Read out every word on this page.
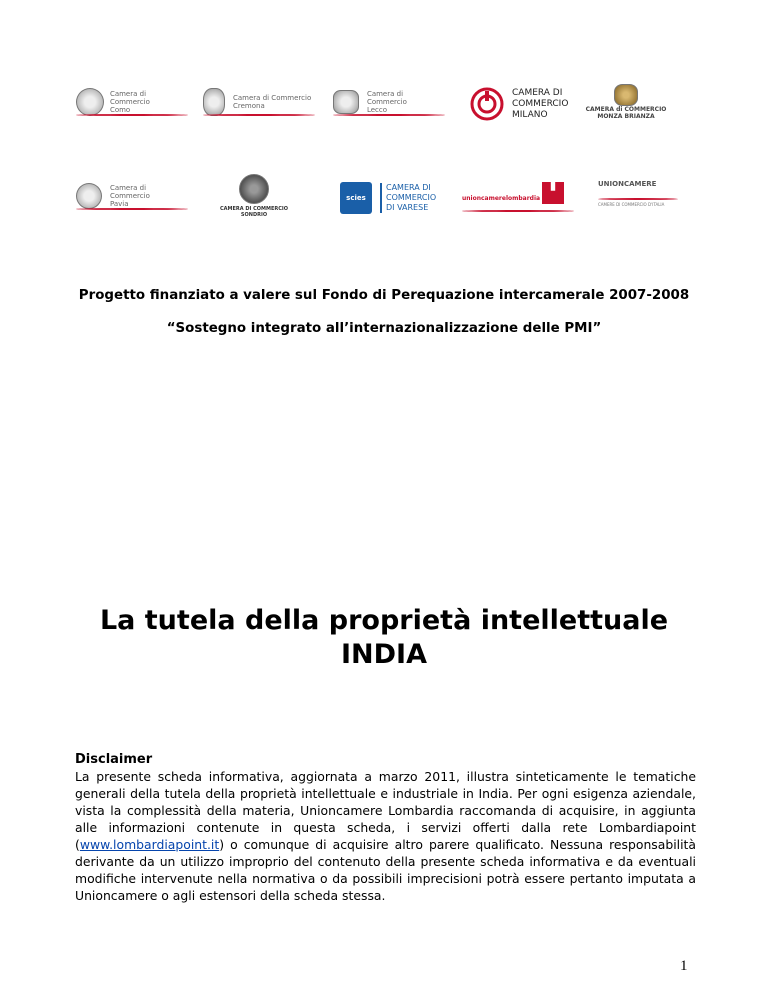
Camera di Commercio
Como
Camera di Commercio
Cremona
Camera di Commercio
Lecco
CAMERA DI
COMMERCIO
MILANO	CAMERA di COMMERCIO
MONZA BRIANZA
Camera di Commercio
Pavia
CAMERA DI COMMERCIO
SONDRIO
scies
CAMERA DI
COMMERCIO
DI VARESE
unioncamerelombardia
UNIONCAMERE
CAMERE DI COMMERCIO D'ITALIA
Progetto finanziato a valere sul Fondo di Perequazione intercamerale 2007-2008
“Sostegno integrato all’internazionalizzazione delle PMI”
La tutela della proprietà intellettuale
INDIA
Disclaimer
La presente scheda informativa, aggiornata a marzo 2011, illustra sinteticamente le tematiche generali della tutela della proprietà intellettuale e industriale in India. Per ogni esigenza aziendale, vista la complessità della materia, Unioncamere Lombardia raccomanda di acquisire, in aggiunta alle informazioni contenute in questa scheda, i servizi offerti dalla rete Lombardiapoint (www.lombardiapoint.it) o comunque di acquisire altro parere qualificato. Nessuna responsabilità derivante da un utilizzo improprio del contenuto della presente scheda informativa e da eventuali modifiche intervenute nella normativa o da possibili imprecisioni potrà essere pertanto imputata a Unioncamere o agli estensori della scheda stessa.
1
